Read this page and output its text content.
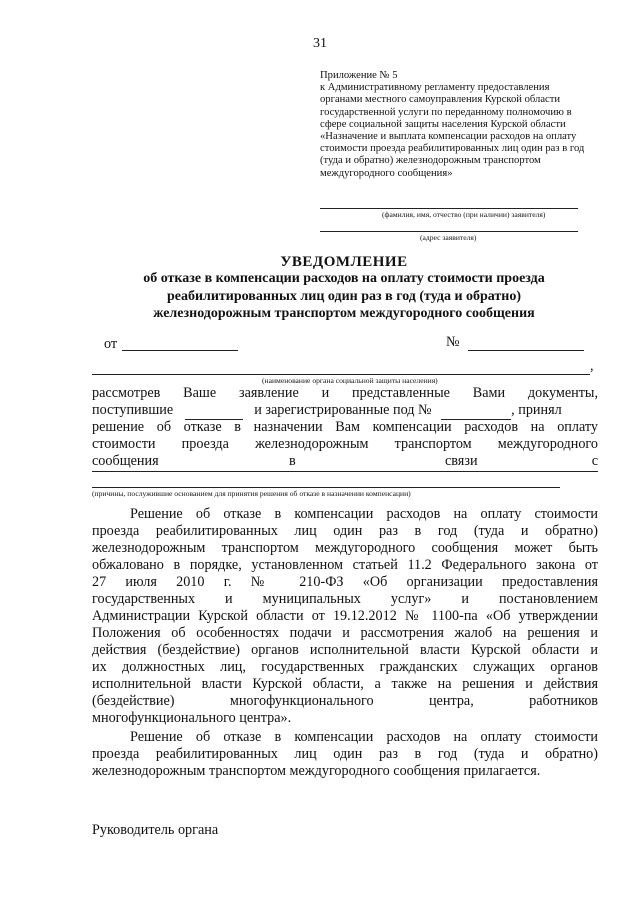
31
Приложение № 5
к Административному регламенту предоставления
органами местного самоуправления Курской области
государственной услуги по переданному полномочию в
сфере социальной защиты населения Курской области
«Назначение и выплата компенсации расходов на оплату
стоимости проезда реабилитированных лиц один раз в год
(туда и обратно) железнодорожным транспортом
междугородного сообщения»
(фамилия, имя, отчество (при наличии) заявителя)
(адрес заявителя)
УВЕДОМЛЕНИЕ
об отказе в компенсации расходов на оплату стоимости проезда
реабилитированных лиц один раз в год (туда и обратно)
железнодорожным транспортом междугородного сообщения
от	№
,
(наименование органа социальной защиты населения)
рассмотрев Ваше заявление и представленные Вами документы,
поступившие	и зарегистрированные под №	, принял
решение об отказе в назначении Вам компенсации расходов на оплату
стоимости проезда железнодорожным транспортом междугородного
сообщения	в	связи	с
(причины, послужившие основанием для принятия решения об отказе в назначении компенсации)
Решение об отказе в компенсации расходов на оплату стоимости
проезда реабилитированных лиц один раз в год (туда и обратно)
железнодорожным транспортом междугородного сообщения может быть
обжаловано в порядке, установленном статьей 11.2 Федерального закона от
27 июля 2010 г. № 210-ФЗ «Об организации предоставления
государственных и муниципальных услуг» и постановлением
Администрации Курской области от 19.12.2012 № 1100-па «Об утверждении
Положения об особенностях подачи и рассмотрения жалоб на решения и
действия (бездействие) органов исполнительной власти Курской области и
их должностных лиц, государственных гражданских служащих органов
исполнительной власти Курской области, а также на решения и действия
(бездействие) многофункционального центра, работников
многофункционального центра».
Решение об отказе в компенсации расходов на оплату стоимости
проезда реабилитированных лиц один раз в год (туда и обратно)
железнодорожным транспортом междугородного сообщения прилагается.
Руководитель органа
